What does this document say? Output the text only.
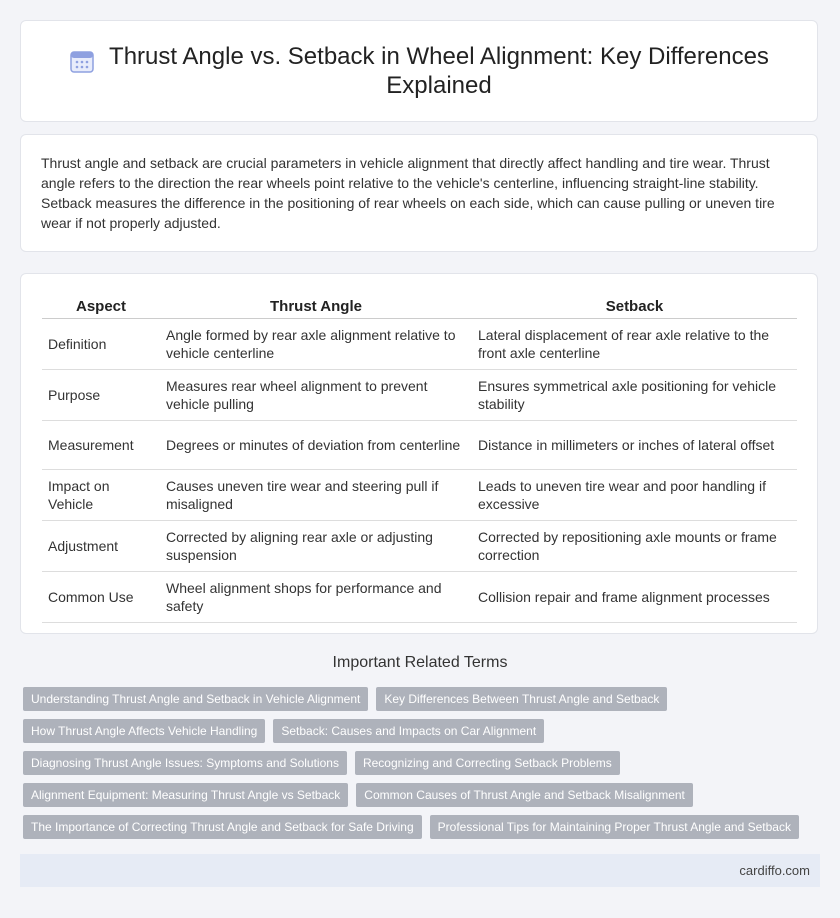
Thrust Angle vs. Setback in Wheel Alignment: Key Differences Explained

Thrust angle and setback are crucial parameters in vehicle alignment that directly affect handling and tire wear. Thrust angle refers to the direction the rear wheels point relative to the vehicle's centerline, influencing straight-line stability. Setback measures the difference in the positioning of rear wheels on each side, which can cause pulling or uneven tire wear if not properly adjusted.

Aspect	Thrust Angle	Setback
Definition	Angle formed by rear axle alignment relative to vehicle centerline	Lateral displacement of rear axle relative to the front axle centerline
Purpose	Measures rear wheel alignment to prevent vehicle pulling	Ensures symmetrical axle positioning for vehicle stability
Measurement	Degrees or minutes of deviation from centerline	Distance in millimeters or inches of lateral offset
Impact on Vehicle	Causes uneven tire wear and steering pull if misaligned	Leads to uneven tire wear and poor handling if excessive
Adjustment	Corrected by aligning rear axle or adjusting suspension	Corrected by repositioning axle mounts or frame correction
Common Use	Wheel alignment shops for performance and safety	Collision repair and frame alignment processes
Important Related Terms
Understanding Thrust Angle and Setback in Vehicle Alignment	Key Differences Between Thrust Angle and Setback
How Thrust Angle Affects Vehicle Handling	Setback: Causes and Impacts on Car Alignment
Diagnosing Thrust Angle Issues: Symptoms and Solutions	Recognizing and Correcting Setback Problems
Alignment Equipment: Measuring Thrust Angle vs Setback	Common Causes of Thrust Angle and Setback Misalignment
The Importance of Correcting Thrust Angle and Setback for Safe Driving	Professional Tips for Maintaining Proper Thrust Angle and Setback
cardiffo.com
